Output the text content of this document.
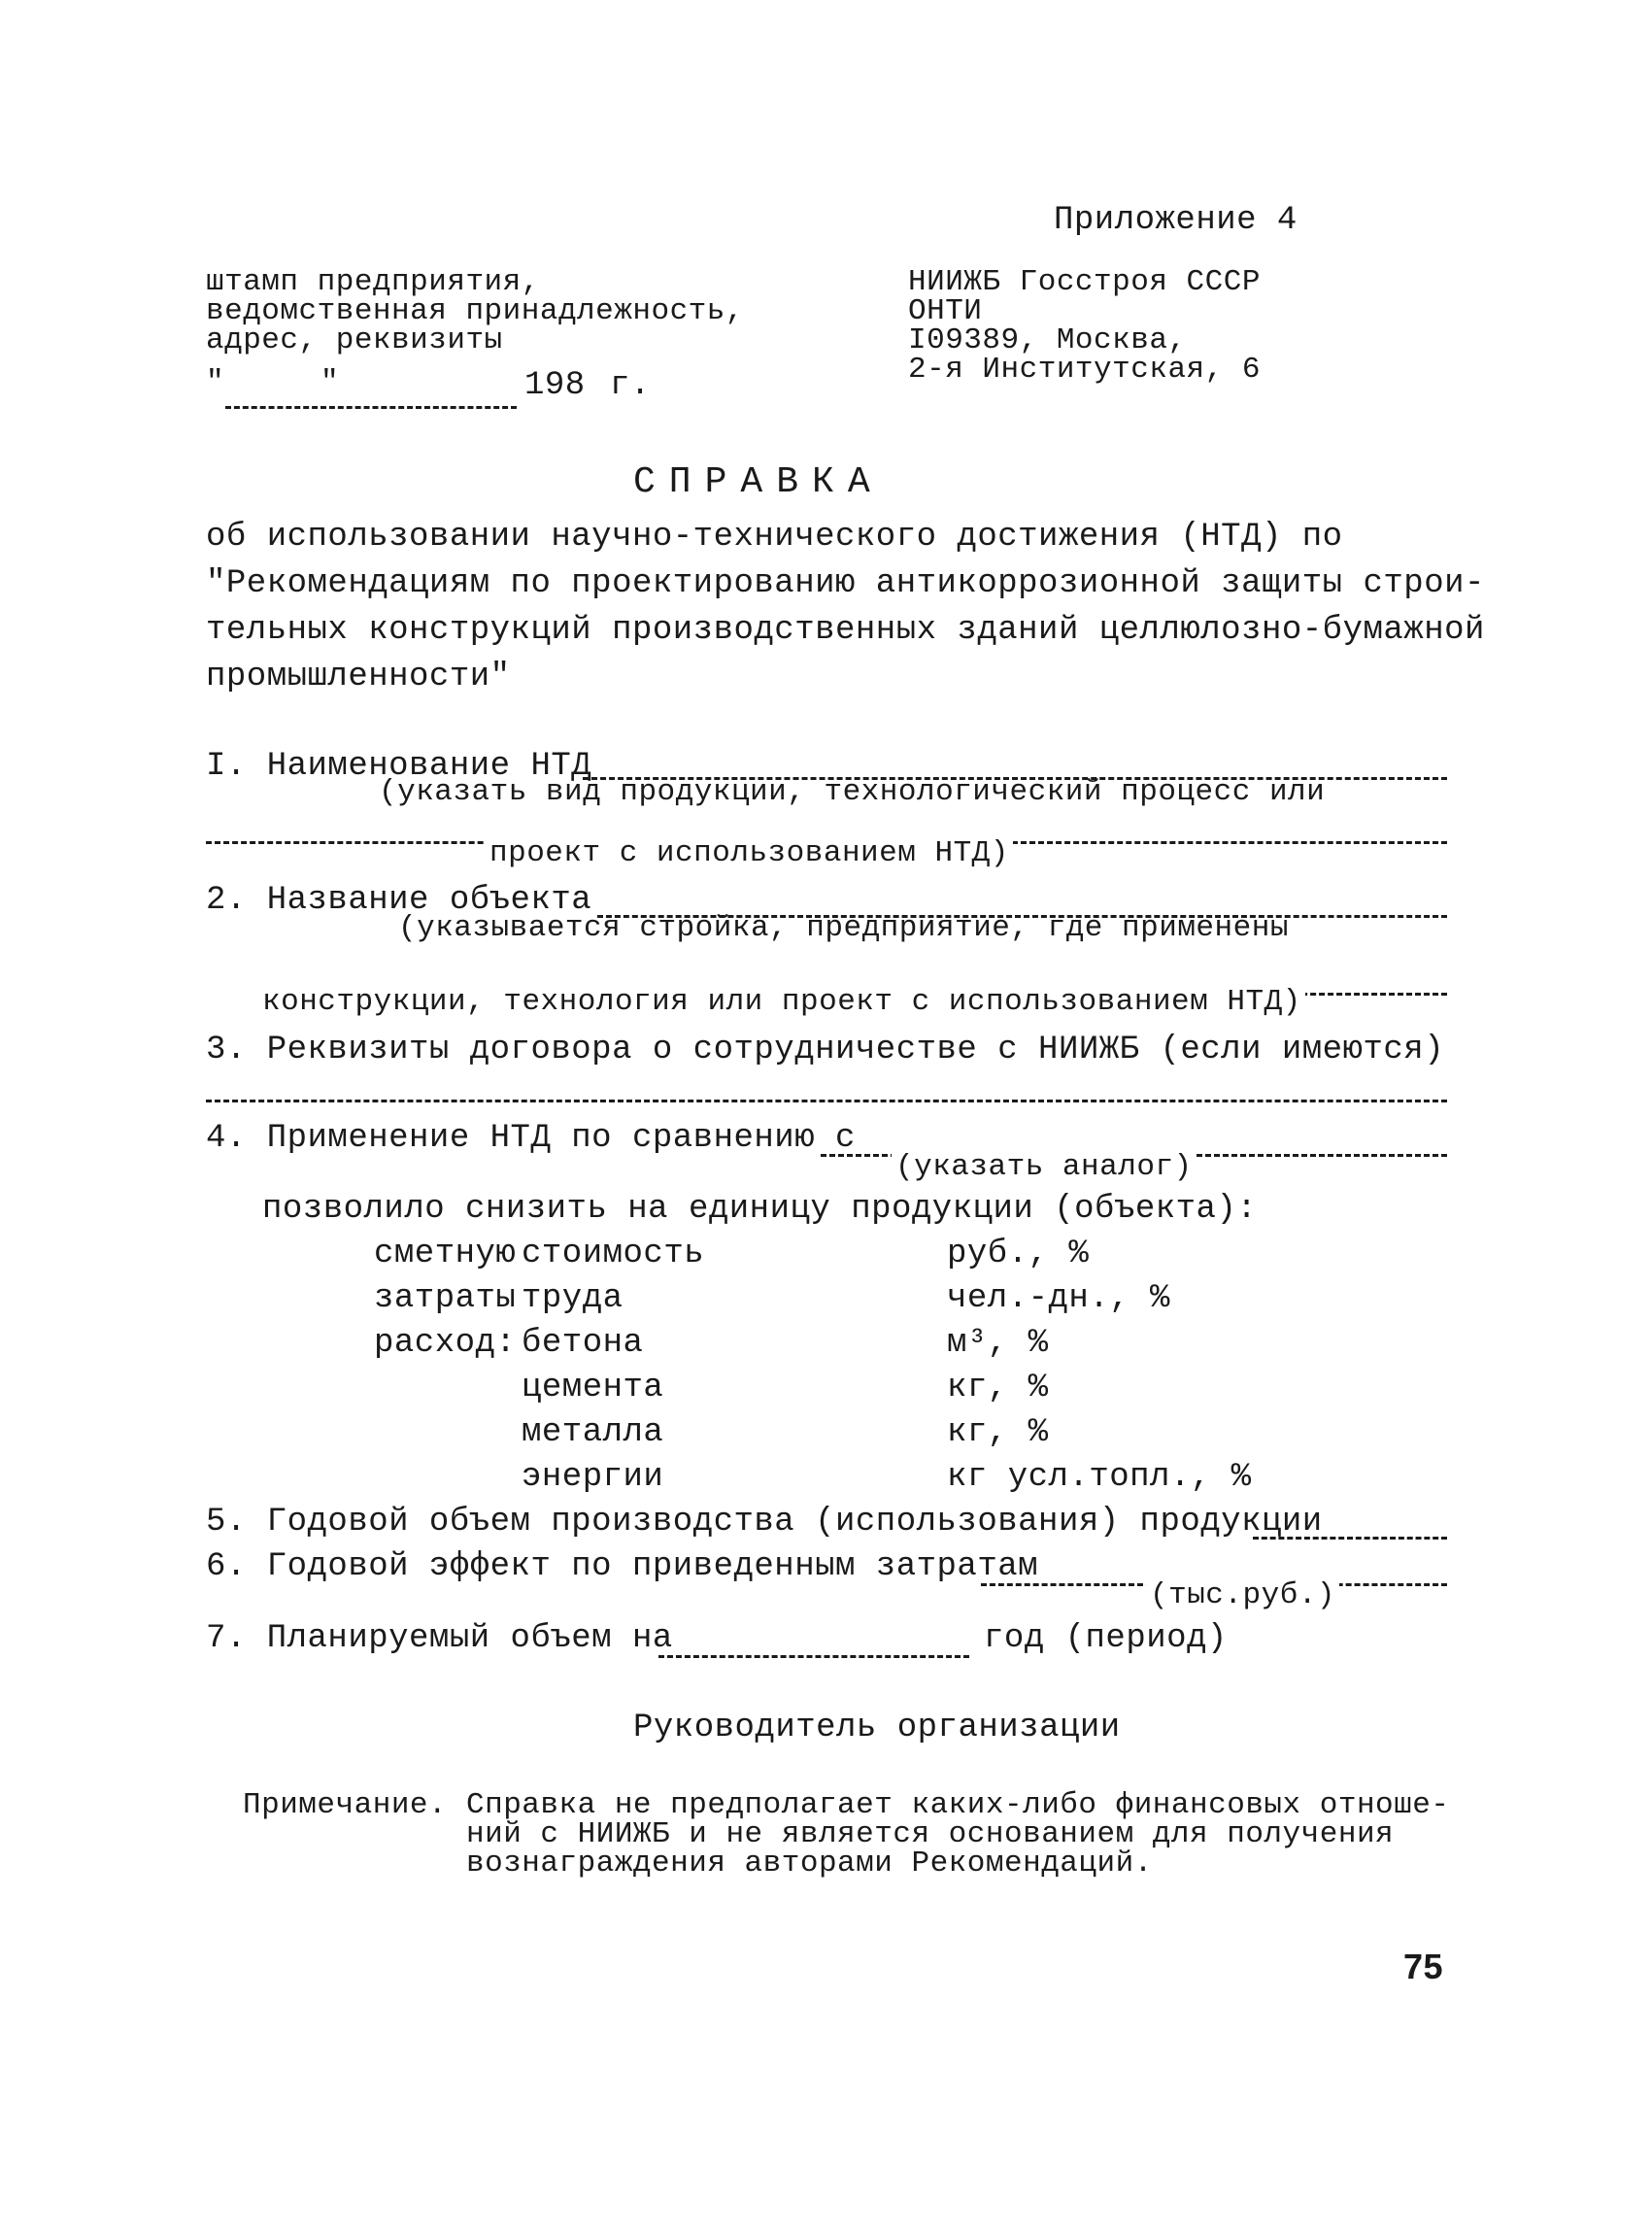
Приложение 4
штамп предприятия,
ведомственная принадлежность,
адрес, реквизиты
"	"	198 г.
НИИЖБ Госстроя СССР
ОНТИ
I09389, Москва,
2-я Институтская, 6
СПРАВКА
об использовании научно-технического достижения (НТД) по
"Рекомендациям по проектированию антикоррозионной защиты строи-
тельных конструкций производственных зданий целлюлозно-бумажной
промышленности"
I. Наименование НТД
(указать вид продукции, технологический процесс или
проект с использованием НТД)
2. Название объекта
(указывается стройка, предприятие, где применены
конструкции, технология или проект с использованием НТД)
3. Реквизиты договора о сотрудничестве с НИИЖБ (если имеются)
4. Применение НТД по сравнению с
(указать аналог)
позволило снизить на единицу продукции (объекта):
сметную стоимость	руб., %
затраты труда	чел.-дн., %
расход: бетона	м³, %
цемента	кг, %
металла	кг, %
энергии	кг усл.топл., %
5. Годовой объем производства (использования) продукции
6. Годовой эффект по приведенным затратам
(тыс.руб.)
7. Планируемый объем на	год (период)
Руководитель организации
Примечание. Справка не предполагает каких-либо финансовых отноше-
ний с НИИЖБ и не является основанием для получения
вознаграждения авторами Рекомендаций.
75
